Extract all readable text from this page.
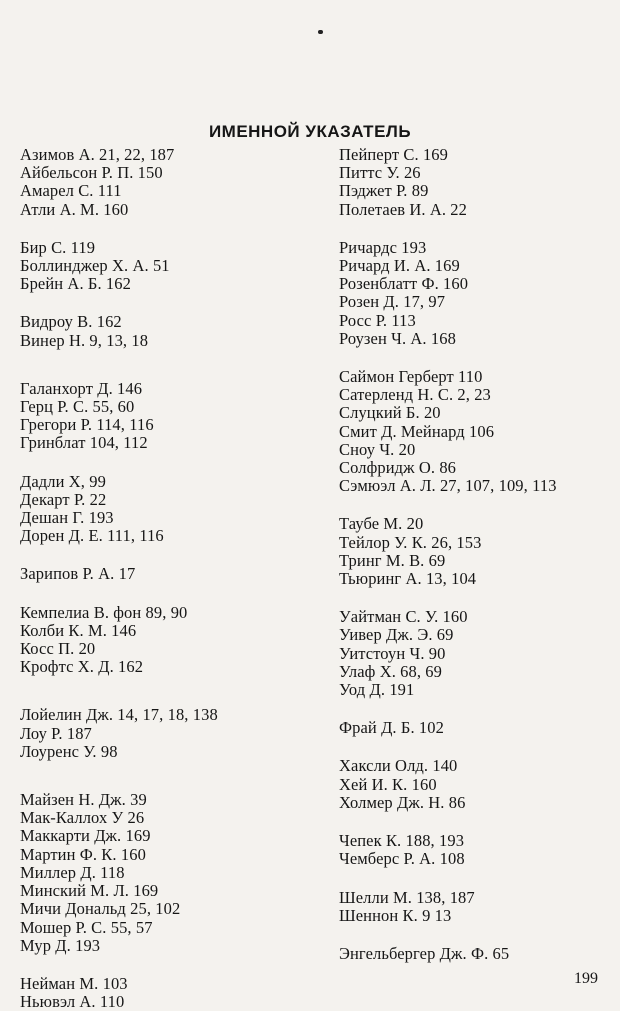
ИМЕННОЙ УКАЗАТЕЛЬ
Азимов А. 21, 22, 187
Айбельсон Р. П. 150
Амарел С. 111
Атли А. М. 160
Бир С. 119
Боллинджер Х. А. 51
Брейн А. Б. 162
Видроу В. 162
Винер Н. 9, 13, 18
Галанхорт Д. 146
Герц Р. С. 55, 60
Грегори Р. 114, 116
Гринблат 104, 112
Дадли Х, 99
Декарт Р. 22
Дешан Г. 193
Дорен Д. Е. 111, 116
Зарипов Р. А. 17
Кемпелиа В. фон 89, 90
Колби К. М. 146
Косс П. 20
Крофтс Х. Д. 162
Лойелин Дж. 14, 17, 18, 138
Лоу Р. 187
Лоуренс У. 98
Майзен Н. Дж. 39
Мак-Каллох У 26
Маккарти Дж. 169
Мартин Ф. К. 160
Миллер Д. 118
Минский М. Л. 169
Мичи Дональд 25, 102
Мошер Р. С. 55, 57
Мур Д. 193
Нейман М. 103
Ньювэл А. 110
Пейперт С. 169
Питтс У. 26
Пэджет Р. 89
Полетаев И. А. 22
Ричардс 193
Ричард И. А. 169
Розенблатт Ф. 160
Розен Д. 17, 97
Росс Р. 113
Роузен Ч. А. 168
Саймон Герберт 110
Сатерленд Н. С. 2, 23
Слуцкий Б. 20
Смит Д. Мейнард 106
Сноу Ч. 20
Солфридж О. 86
Сэмюэл А. Л. 27, 107, 109, 113
Таубе М. 20
Тейлор У. К. 26, 153
Тринг М. В. 69
Тьюринг А. 13, 104
Уайтман С. У. 160
Уивер Дж. Э. 69
Уитстоун Ч. 90
Улаф Х. 68, 69
Уод Д. 191
Фрай Д. Б. 102
Хаксли Олд. 140
Хей И. К. 160
Холмер Дж. Н. 86
Чепек К. 188, 193
Чемберс Р. А. 108
Шелли М. 138, 187
Шеннон К. 9 13
Энгельбергер Дж. Ф. 65
199
